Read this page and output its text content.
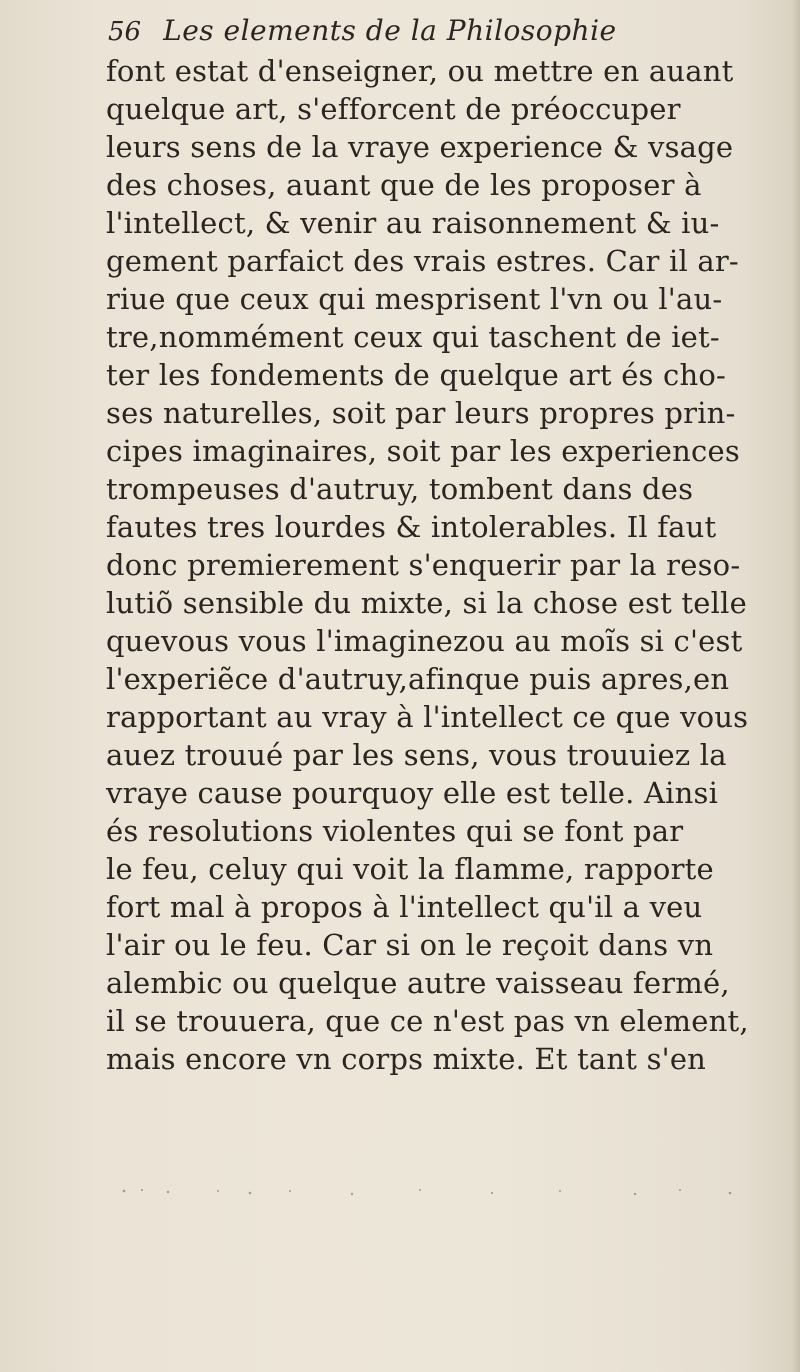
56 Les elements de la Philosophie
font estat d'enseigner, ou mettre en auant
quelque art, s'efforcent de préoccuper
leurs sens de la vraye experience & vsage
des choses, auant que de les proposer à
l'intellect, & venir au raisonnement & iu-
gement parfaict des vrais estres. Car il ar-
riue que ceux qui mesprisent l'vn ou l'au-
tre,nommément ceux qui taschent de iet-
ter les fondements de quelque art és cho-
ses naturelles, soit par leurs propres prin-
cipes imaginaires, soit par les experiences
trompeuses d'autruy, tombent dans des
fautes tres lourdes & intolerables. Il faut
donc premierement s'enquerir par la reso-
lutiõ sensible du mixte, si la chose est telle
quevous vous l'imaginezou au moĩs si c'est
l'experiẽce d'autruy,afinque puis apres,en
rapportant au vray à l'intellect ce que vous
auez trouué par les sens, vous trouuiez la
vraye cause pourquoy elle est telle. Ainsi
és resolutions violentes qui se font par
le feu, celuy qui voit la flamme, rapporte
fort mal à propos à l'intellect qu'il a veu
l'air ou le feu. Car si on le reçoit dans vn
alembic ou quelque autre vaisseau fermé,
il se trouuera, que ce n'est pas vn element,
mais encore vn corps mixte. Et tant s'en
